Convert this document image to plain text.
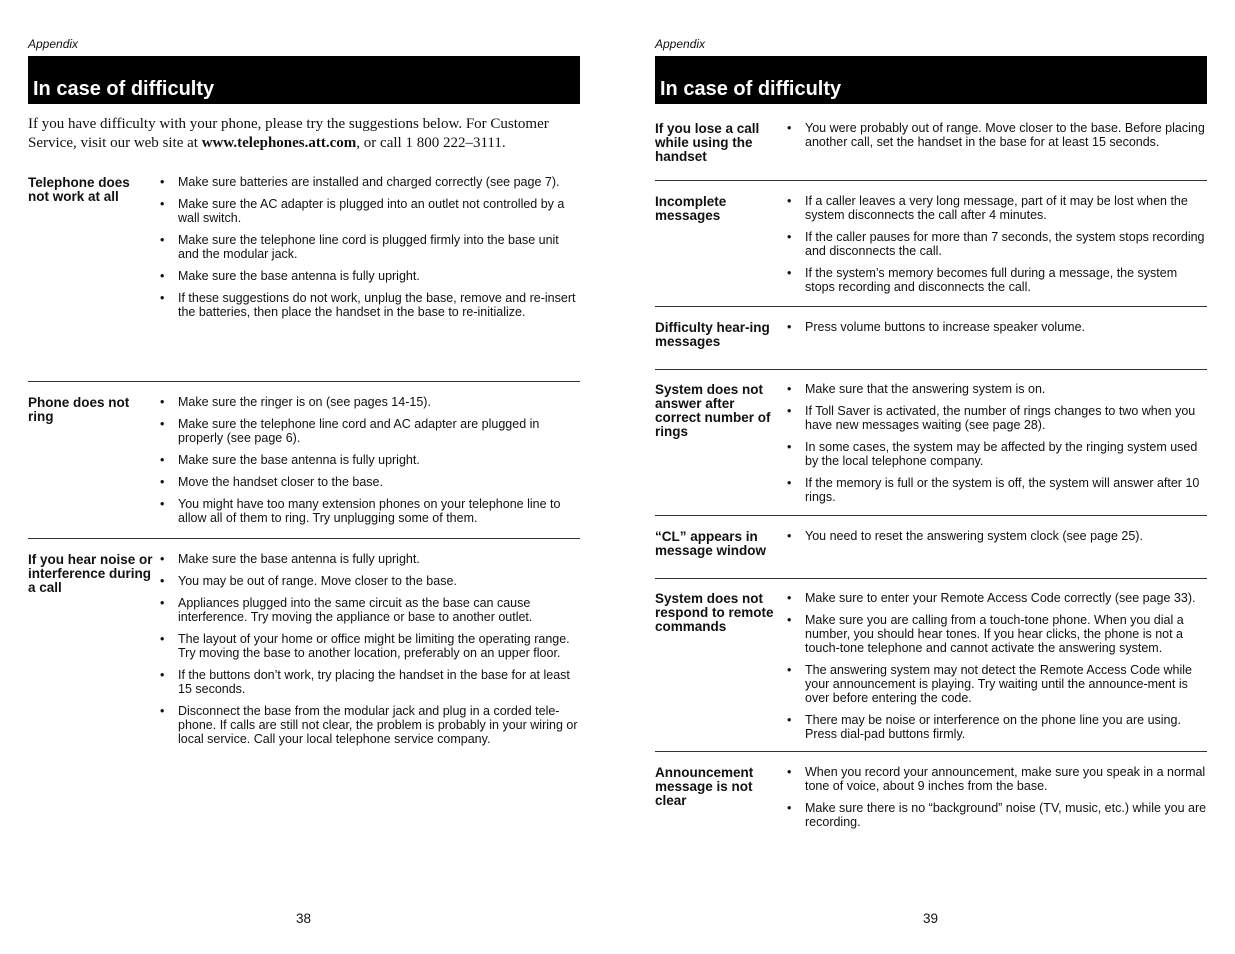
Appendix
In case of difficulty
If you have difficulty with your phone, please try the suggestions below. For Customer Service, visit our web site at www.telephones.att.com, or call 1 800 222–3111.
Telephone does not work at all
• Make sure batteries are installed and charged correctly (see page 7).
• Make sure the AC adapter is plugged into an outlet not controlled by a wall switch.
• Make sure the telephone line cord is plugged firmly into the base unit and the modular jack.
• Make sure the base antenna is fully upright.
• If these suggestions do not work, unplug the base, remove and re-insert the batteries, then place the handset in the base to re-initialize.
Phone does not ring
• Make sure the ringer is on (see pages 14-15).
• Make sure the telephone line cord and AC adapter are plugged in properly (see page 6).
• Make sure the base antenna is fully upright.
• Move the handset closer to the base.
• You might have too many extension phones on your telephone line to allow all of them to ring. Try unplugging some of them.
If you hear noise or interference during a call
• Make sure the base antenna is fully upright.
• You may be out of range. Move closer to the base.
• Appliances plugged into the same circuit as the base can cause interference. Try moving the appliance or base to another outlet.
• The layout of your home or office might be limiting the operating range. Try moving the base to another location, preferably on an upper floor.
• If the buttons don’t work, try placing the handset in the base for at least 15 seconds.
• Disconnect the base from the modular jack and plug in a corded tele-phone. If calls are still not clear, the problem is probably in your wiring or local service. Call your local telephone service company.
38
Appendix
In case of difficulty
If you lose a call while using the handset
• You were probably out of range. Move closer to the base. Before placing another call, set the handset in the base for at least 15 seconds.
Incomplete messages
• If a caller leaves a very long message, part of it may be lost when the system disconnects the call after 4 minutes.
• If the caller pauses for more than 7 seconds, the system stops recording and disconnects the call.
• If the system’s memory becomes full during a message, the system stops recording and disconnects the call.
Difficulty hear-ing messages
• Press volume buttons to increase speaker volume.
System does not answer after correct number of rings
• Make sure that the answering system is on.
• If Toll Saver is activated, the number of rings changes to two when you have new messages waiting (see page 28).
• In some cases, the system may be affected by the ringing system used by the local telephone company.
• If the memory is full or the system is off, the system will answer after 10 rings.
“CL” appears in message window
• You need to reset the answering system clock (see page 25).
System does not respond to remote commands
• Make sure to enter your Remote Access Code correctly (see page 33).
• Make sure you are calling from a touch-tone phone. When you dial a number, you should hear tones. If you hear clicks, the phone is not a touch-tone telephone and cannot activate the answering system.
• The answering system may not detect the Remote Access Code while your announcement is playing. Try waiting until the announce-ment is over before entering the code.
• There may be noise or interference on the phone line you are using. Press dial-pad buttons firmly.
Announcement message is not clear
• When you record your announcement, make sure you speak in a normal tone of voice, about 9 inches from the base.
• Make sure there is no “background” noise (TV, music, etc.) while you are recording.
39
